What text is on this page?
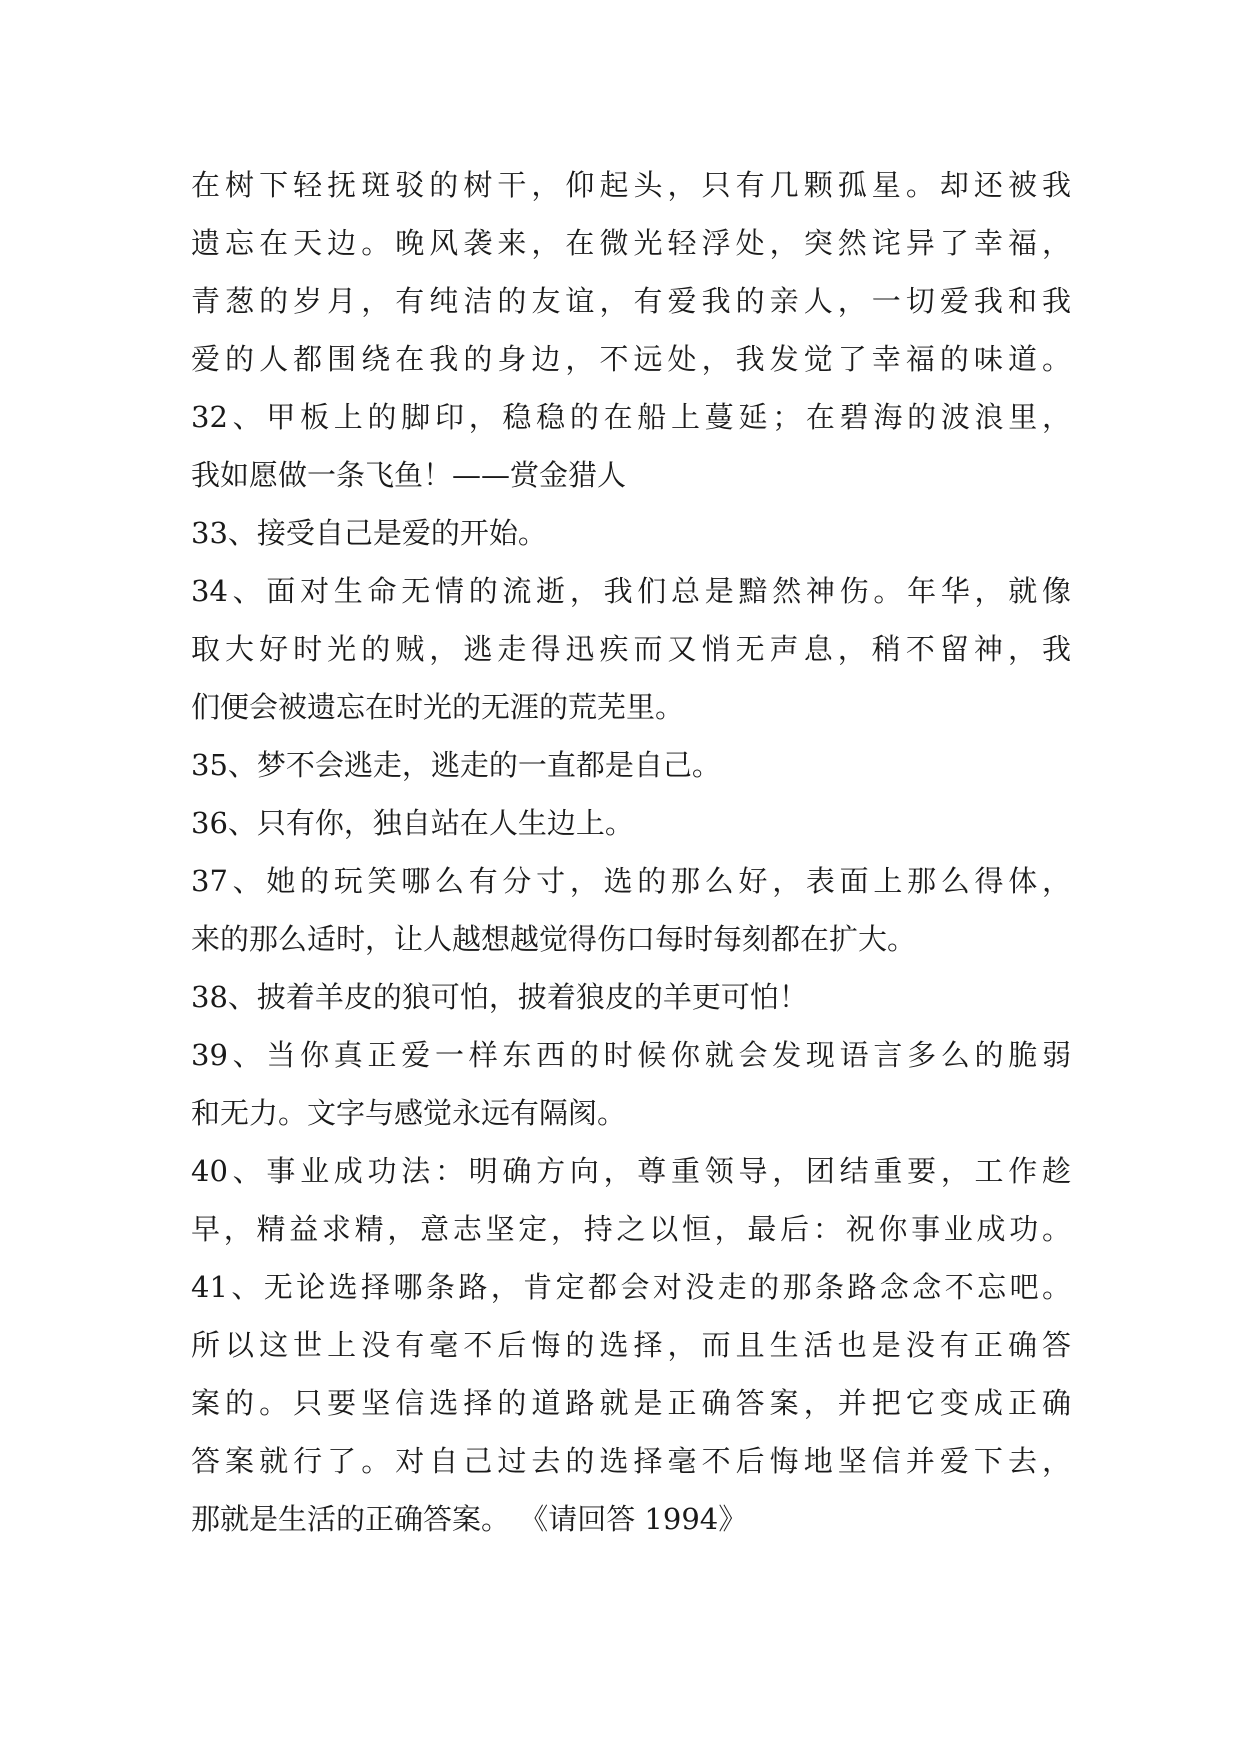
在树下轻抚斑驳的树干，仰起头，只有几颗孤星。却还被我
遗忘在天边。晚风袭来，在微光轻浮处，突然诧异了幸福，
青葱的岁月，有纯洁的友谊，有爱我的亲人，一切爱我和我
爱的人都围绕在我的身边，不远处，我发觉了幸福的味道。
32、甲板上的脚印，稳稳的在船上蔓延；在碧海的波浪里，
我如愿做一条飞鱼！——赏金猎人
33、接受自己是爱的开始。
34、面对生命无情的流逝，我们总是黯然神伤。年华，就像
取大好时光的贼，逃走得迅疾而又悄无声息，稍不留神，我
们便会被遗忘在时光的无涯的荒芜里。
35、梦不会逃走，逃走的一直都是自己。
36、只有你，独自站在人生边上。
37、她的玩笑哪么有分寸，选的那么好，表面上那么得体，
来的那么适时，让人越想越觉得伤口每时每刻都在扩大。
38、披着羊皮的狼可怕，披着狼皮的羊更可怕！
39、当你真正爱一样东西的时候你就会发现语言多么的脆弱
和无力。文字与感觉永远有隔阂。
40、事业成功法：明确方向，尊重领导，团结重要，工作趁
早，精益求精，意志坚定，持之以恒，最后：祝你事业成功。
41、无论选择哪条路，肯定都会对没走的那条路念念不忘吧。
所以这世上没有毫不后悔的选择，而且生活也是没有正确答
案的。只要坚信选择的道路就是正确答案，并把它变成正确
答案就行了。对自己过去的选择毫不后悔地坚信并爱下去，
那就是生活的正确答案。 《请回答 1994》
